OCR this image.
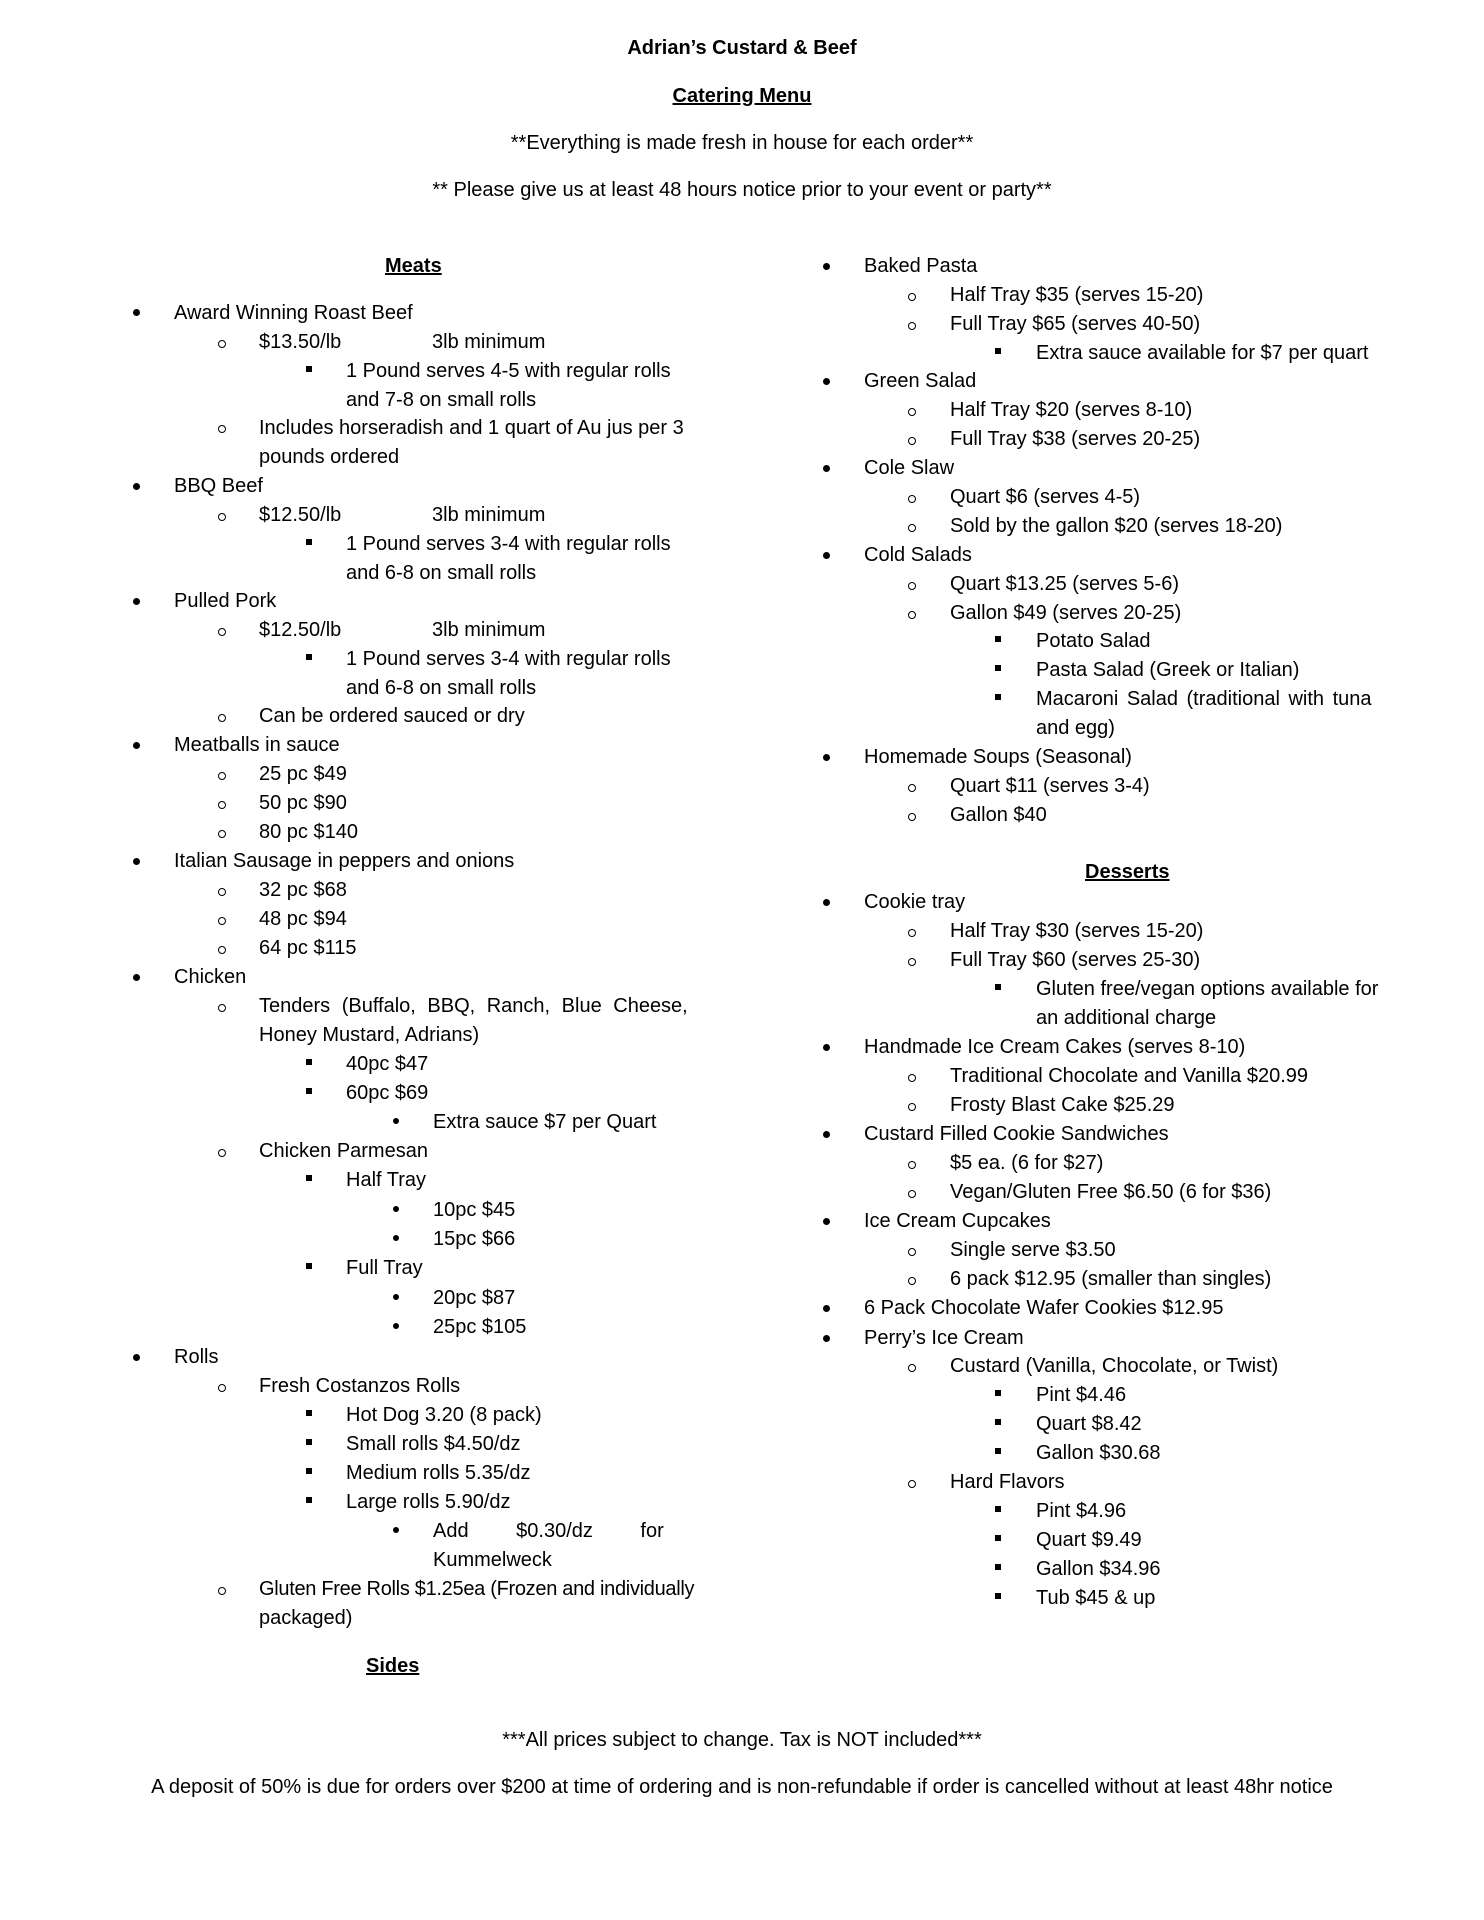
Adrian’s Custard & Beef
Catering Menu
**Everything is made fresh in house for each order**
** Please give us at least 48 hours notice prior to your event or party**
Meats
Award Winning Roast Beef
$13.50/lb	3lb minimum
1 Pound serves 4-5 with regular rolls
and 7-8 on small rolls
Includes horseradish and 1 quart of Au jus per 3
pounds ordered
BBQ Beef
$12.50/lb	3lb minimum
1 Pound serves 3-4 with regular rolls
and 6-8 on small rolls
Pulled Pork
$12.50/lb	3lb minimum
1 Pound serves 3-4 with regular rolls
and 6-8 on small rolls
Can be ordered sauced or dry
Meatballs in sauce
25 pc $49
50 pc $90
80 pc $140
Italian Sausage in peppers and onions
32 pc $68
48 pc $94
64 pc $115
Chicken
Tenders (Buffalo, BBQ, Ranch, Blue Cheese,
Honey Mustard, Adrians)
40pc $47
60pc $69
Extra sauce $7 per Quart
Chicken Parmesan
Half Tray
10pc $45
15pc $66
Full Tray
20pc $87
25pc $105
Rolls
Fresh Costanzos Rolls
Hot Dog 3.20 (8 pack)
Small rolls $4.50/dz
Medium rolls 5.35/dz
Large rolls 5.90/dz
Add $0.30/dz for
Kummelweck
Gluten Free Rolls $1.25ea (Frozen and individually
packaged)
Sides
Baked Pasta
Half Tray $35 (serves 15-20)
Full Tray $65 (serves 40-50)
Extra sauce available for $7 per quart
Green Salad
Half Tray $20 (serves 8-10)
Full Tray $38 (serves 20-25)
Cole Slaw
Quart $6 (serves 4-5)
Sold by the gallon $20 (serves 18-20)
Cold Salads
Quart $13.25 (serves 5-6)
Gallon $49 (serves 20-25)
Potato Salad
Pasta Salad (Greek or Italian)
Macaroni Salad (traditional with tuna
and egg)
Homemade Soups (Seasonal)
Quart $11 (serves 3-4)
Gallon $40
Desserts
Cookie tray
Half Tray $30 (serves 15-20)
Full Tray $60 (serves 25-30)
Gluten free/vegan options available for
an additional charge
Handmade Ice Cream Cakes (serves 8-10)
Traditional Chocolate and Vanilla $20.99
Frosty Blast Cake $25.29
Custard Filled Cookie Sandwiches
$5 ea. (6 for $27)
Vegan/Gluten Free $6.50 (6 for $36)
Ice Cream Cupcakes
Single serve $3.50
6 pack $12.95 (smaller than singles)
6 Pack Chocolate Wafer Cookies $12.95
Perry’s Ice Cream
Custard (Vanilla, Chocolate, or Twist)
Pint $4.46
Quart $8.42
Gallon $30.68
Hard Flavors
Pint $4.96
Quart $9.49
Gallon $34.96
Tub $45 & up
***All prices subject to change. Tax is NOT included***
A deposit of 50% is due for orders over $200 at time of ordering and is non-refundable if order is cancelled without at least 48hr notice
